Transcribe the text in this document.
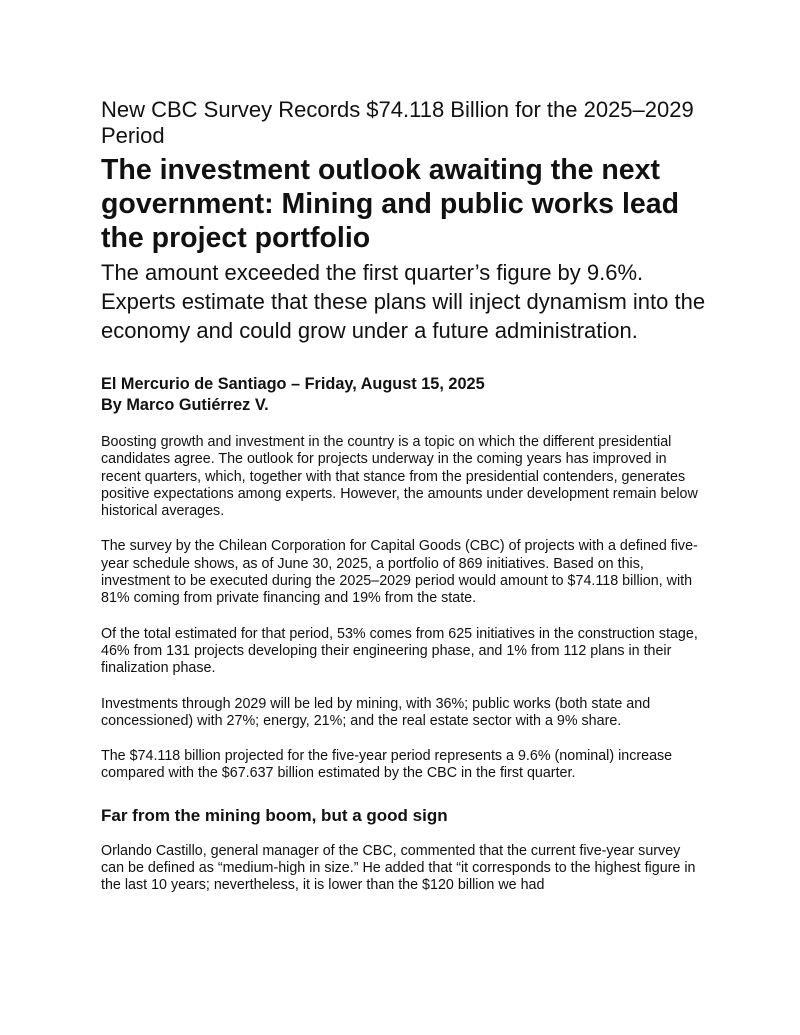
New CBC Survey Records $74.118 Billion for the 2025–2029 Period
The investment outlook awaiting the next government: Mining and public works lead the project portfolio

The amount exceeded the first quarter’s figure by 9.6%. Experts estimate that these plans will inject dynamism into the economy and could grow under a future administration.

El Mercurio de Santiago – Friday, August 15, 2025
By Marco Gutiérrez V.
Boosting growth and investment in the country is a topic on which the different presidential candidates agree. The outlook for projects underway in the coming years has improved in recent quarters, which, together with that stance from the presidential contenders, generates positive expectations among experts. However, the amounts under development remain below historical averages.
The survey by the Chilean Corporation for Capital Goods (CBC) of projects with a defined five-year schedule shows, as of June 30, 2025, a portfolio of 869 initiatives. Based on this, investment to be executed during the 2025–2029 period would amount to $74.118 billion, with 81% coming from private financing and 19% from the state.
Of the total estimated for that period, 53% comes from 625 initiatives in the construction stage, 46% from 131 projects developing their engineering phase, and 1% from 112 plans in their finalization phase.
Investments through 2029 will be led by mining, with 36%; public works (both state and concessioned) with 27%; energy, 21%; and the real estate sector with a 9% share.
The $74.118 billion projected for the five-year period represents a 9.6% (nominal) increase compared with the $67.637 billion estimated by the CBC in the first quarter.
Far from the mining boom, but a good sign
Orlando Castillo, general manager of the CBC, commented that the current five-year survey can be defined as “medium-high in size.” He added that “it corresponds to the highest figure in the last 10 years; nevertheless, it is lower than the $120 billion we had
